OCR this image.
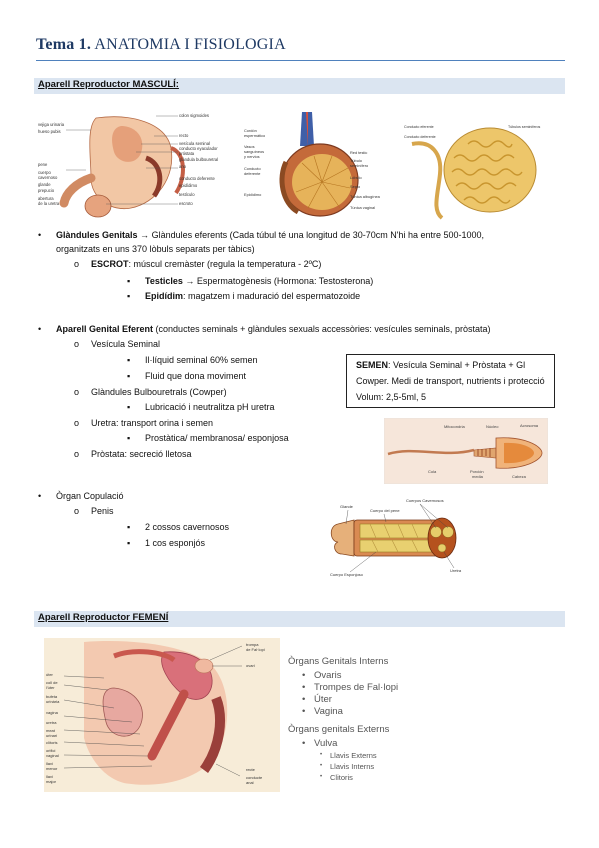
Tema 1. ANATOMIA I FISIOLOGIA
Aparell Reproductor MASCULÍ:
colon sigmoides
recto
vesícula seminal
conducto eyaculador
próstata
glándula bulbouretral
ano
conducto deferente
epidídimo
testículo
escroto
vejiga urinaria
hueso pubis
pene
cuerpo
cavernoso
glande
prepucio
abertura
de la uretra
Cordón
espermático
Vasos
sanguíneos
y nervios
Conducto
deferente
Epidídimo
Red testic
Túbulo
seminífero
Lóbulo
Septo
Túnica albugínea
Túnica vaginal
Conducto eferente
Conducto deferente
Túbulos seminíferos
• Glàndules Genitals → Glàndules eferents (Cada túbul té una longitud de 30-70cm N'hi ha entre 500-1000,
organitzats en uns 370 lòbuls separats per tàbics)
o ESCROT: múscul cremàster (regula la temperatura - 2ºC)
▪ Testicles → Espermatogènesis (Hormona: Testosterona)
▪ Epidídim: magatzem i maduració del espermatozoide
• Aparell Genital Eferent (conductes seminals + glàndules sexuals accessòries: vesícules seminals, pròstata)
o Vesícula Seminal
▪ Il·líquid seminal 60% semen
▪ Fluid que dona moviment
o Glàndules Bulbouretrals (Cowper)
▪ Lubricació i neutralitza pH uretra
o Uretra: transport orina i semen
▪ Prostàtica/ membranosa/ esponjosa
o Pròstata: secreció lletosa
SEMEN: Vesícula Seminal + Pròstata + Gl
Cowper. Medi de transport, nutrients i protecció
Volum: 2,5-5ml, 5
Mitocondria	Núcleo	Acrosoma
Cola	Porción
media	Cabeza
• Òrgan Copulació
o Penis
▪ 2 cossos cavernosos
▪ 1 cos esponjós
Glande
Cuerpo del pene
Cuerpos Cavernosos
Cuerpo Esponjoso
Uretra
Aparell Reproductor FEMENÍ
trompa
de Fal·lopi
ovari
recte
conducte
anal
úter
coll de
l'úter
bufeta
urinària
vagina
uretra
meat
urinari
clítoris
orifici
vaginal
llavi
menor
llavi
major
Òrgans Genitals Interns
• Ovaris
• Trompes de Fal·lopi
• Úter
• Vagina
Òrgans genitals Externs
• Vulva
• Llavis Externs
• Llavis Interns
• Clitoris
